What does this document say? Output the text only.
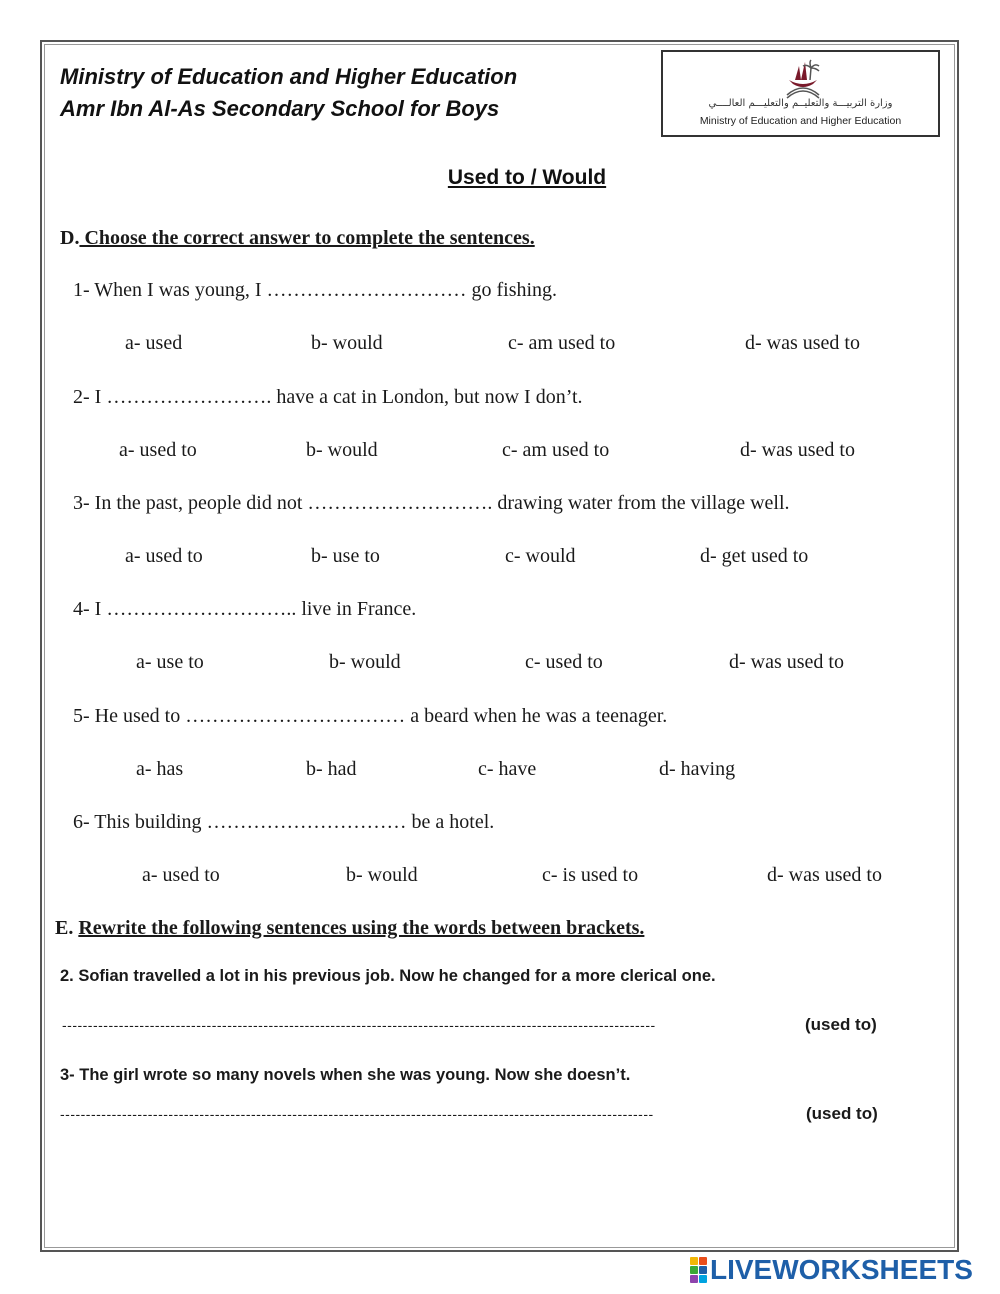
Ministry of Education and Higher Education
Amr Ibn Al-As Secondary School for Boys	وزارة التربيـــة والتعليــم والتعليـــم العالــــي
Ministry of Education and Higher Education
Used to / Would
D. Choose the correct answer to complete the sentences.
1- When I was young, I ………………………… go fishing.
a- used	b- would	c- am used to	d- was used to
2- I ……………………. have a cat in London, but now I don’t.
a- used to	b- would	c- am used to	d- was used to
3- In the past, people did not ………………………. drawing water from the village well.
a- used to	b- use to	c- would	d- get used to
4- I ……………………….. live in France.
a- use to	b- would	c- used to	d- was used to
5- He used to …………………………… a beard when he was a teenager.
a- has	b- had	c- have	d- having
6- This building ………………………… be a hotel.
a- used to	b- would	c- is used to	d- was used to
E. Rewrite the following sentences using the words between brackets.
2. Sofian travelled a lot in his previous job. Now he changed for a more clerical one.
-------------------------------------------------------------------------------------------------------------------	(used to)
3- The girl wrote so many novels when she was young. Now she doesn’t.
-------------------------------------------------------------------------------------------------------------------	(used to)
LIVEWORKSHEETS
